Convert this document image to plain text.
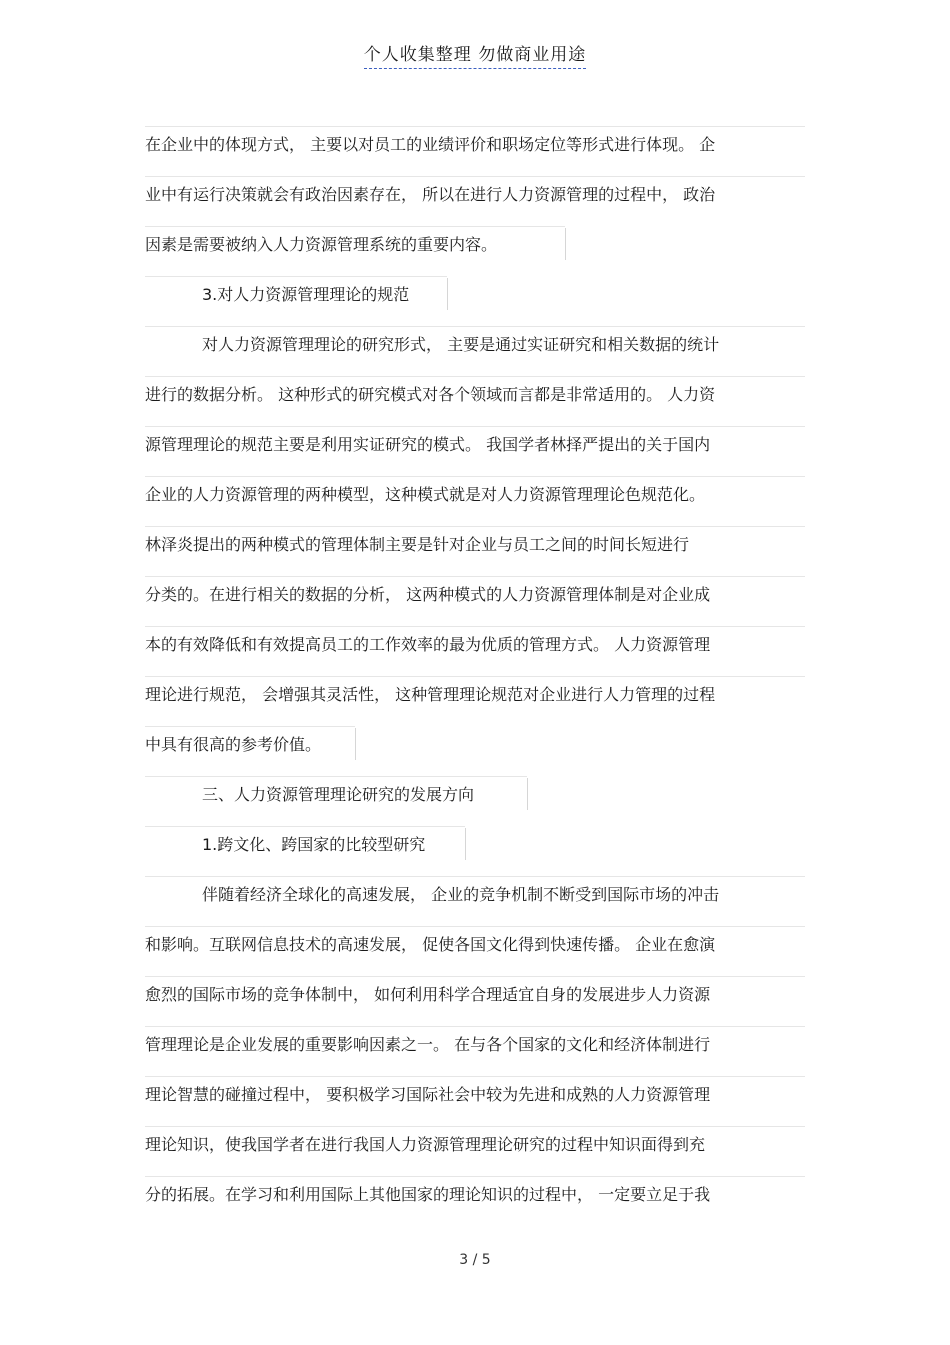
个人收集整理 勿做商业用途
在企业中的体现方式， 主要以对员工的业绩评价和职场定位等形式进行体现。 企
业中有运行决策就会有政治因素存在， 所以在进行人力资源管理的过程中， 政治
因素是需要被纳入人力资源管理系统的重要内容。
3.对人力资源管理理论的规范
对人力资源管理理论的研究形式， 主要是通过实证研究和相关数据的统计
进行的数据分析。 这种形式的研究模式对各个领域而言都是非常适用的。 人力资
源管理理论的规范主要是利用实证研究的模式。 我国学者林择严提出的关于国内
企业的人力资源管理的两种模型，这种模式就是对人力资源管理理论色规范化。
林泽炎提出的两种模式的管理体制主要是针对企业与员工之间的时间长短进行
分类的。在进行相关的数据的分析， 这两种模式的人力资源管理体制是对企业成
本的有效降低和有效提高员工的工作效率的最为优质的管理方式。 人力资源管理
理论进行规范， 会增强其灵活性， 这种管理理论规范对企业进行人力管理的过程
中具有很高的参考价值。
三、人力资源管理理论研究的发展方向
1.跨文化、跨国家的比较型研究
伴随着经济全球化的高速发展， 企业的竞争机制不断受到国际市场的冲击
和影响。互联网信息技术的高速发展， 促使各国文化得到快速传播。 企业在愈演
愈烈的国际市场的竞争体制中， 如何利用科学合理适宜自身的发展进步人力资源
管理理论是企业发展的重要影响因素之一。 在与各个国家的文化和经济体制进行
理论智慧的碰撞过程中， 要积极学习国际社会中较为先进和成熟的人力资源管理
理论知识，使我国学者在进行我国人力资源管理理论研究的过程中知识面得到充
分的拓展。在学习和利用国际上其他国家的理论知识的过程中， 一定要立足于我
3 / 5
